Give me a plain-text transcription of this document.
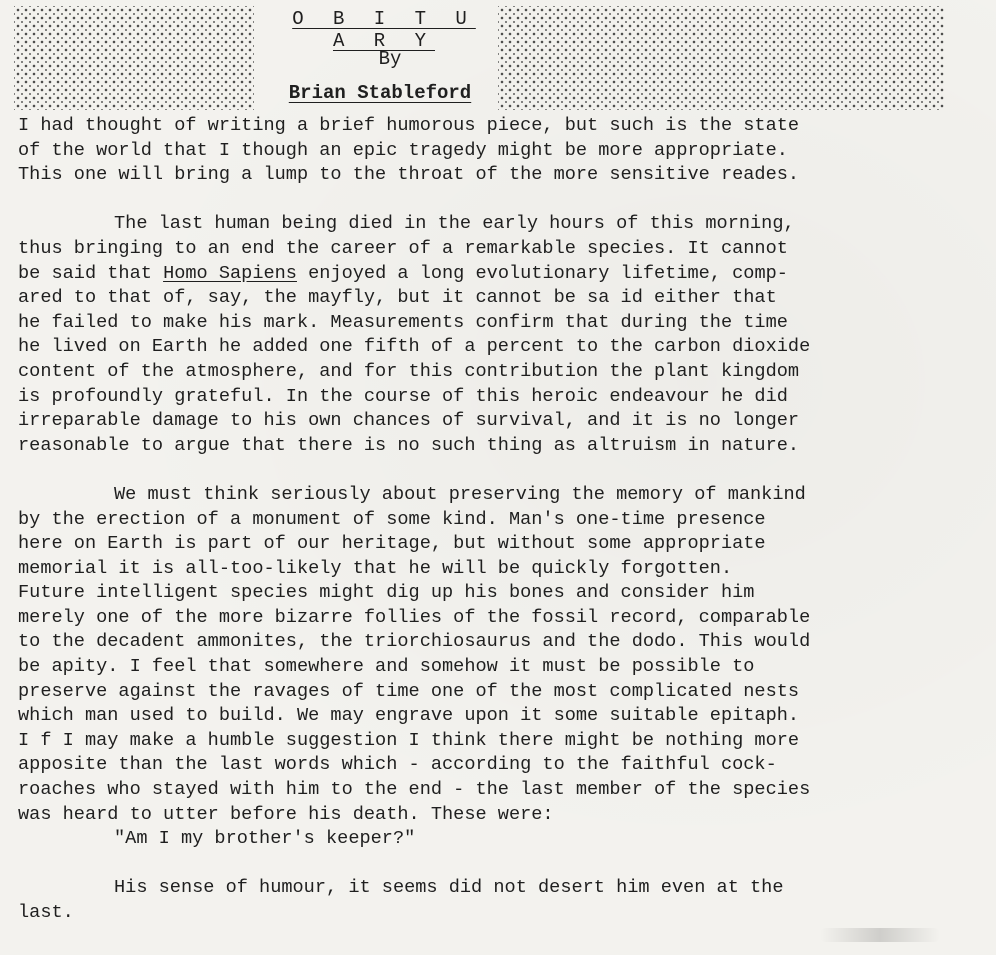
O B I T U A R Y
By
Brian Stableford
I had thought of writing a brief humorous piece, but such is the state
of the world that I though an epic tragedy might be more appropriate.
This one will bring a lump to the throat of the more sensitive reades.
The last human being died in the early hours of this morning,
thus bringing to an end the career of a remarkable species. It cannot
be said that Homo Sapiens enjoyed a long evolutionary lifetime, comp-
ared to that of, say, the mayfly, but it cannot be sa id either that
he failed to make his mark. Measurements confirm that during the time
he lived on Earth he added one fifth of a percent to the carbon dioxide
content of the atmosphere, and for this contribution the plant kingdom
is profoundly grateful. In the course of this heroic endeavour he did
irreparable damage to his own chances of survival, and it is no longer
reasonable to argue that there is no such thing as altruism in nature.
We must think seriously about preserving the memory of mankind
by the erection of a monument of some kind. Man's one-time presence
here on Earth is part of our heritage, but without some appropriate
memorial it is all-too-likely that he will be quickly forgotten.
Future intelligent species might dig up his bones and consider him
merely one of the more bizarre follies of the fossil record, comparable
to the decadent ammonites, the triorchiosaurus and the dodo. This would
be apity. I feel that somewhere and somehow it must be possible to
preserve against the ravages of time one of the most complicated nests
which man used to build. We may engrave upon it some suitable epitaph.
I f I may make a humble suggestion I think there might be nothing more
apposite than the last words which - according to the faithful cock-
roaches who stayed with him to the end - the last member of the species
was heard to utter before his death. These were:
"Am I my brother's keeper?"
His sense of humour, it seems did not desert him even at the
last.
